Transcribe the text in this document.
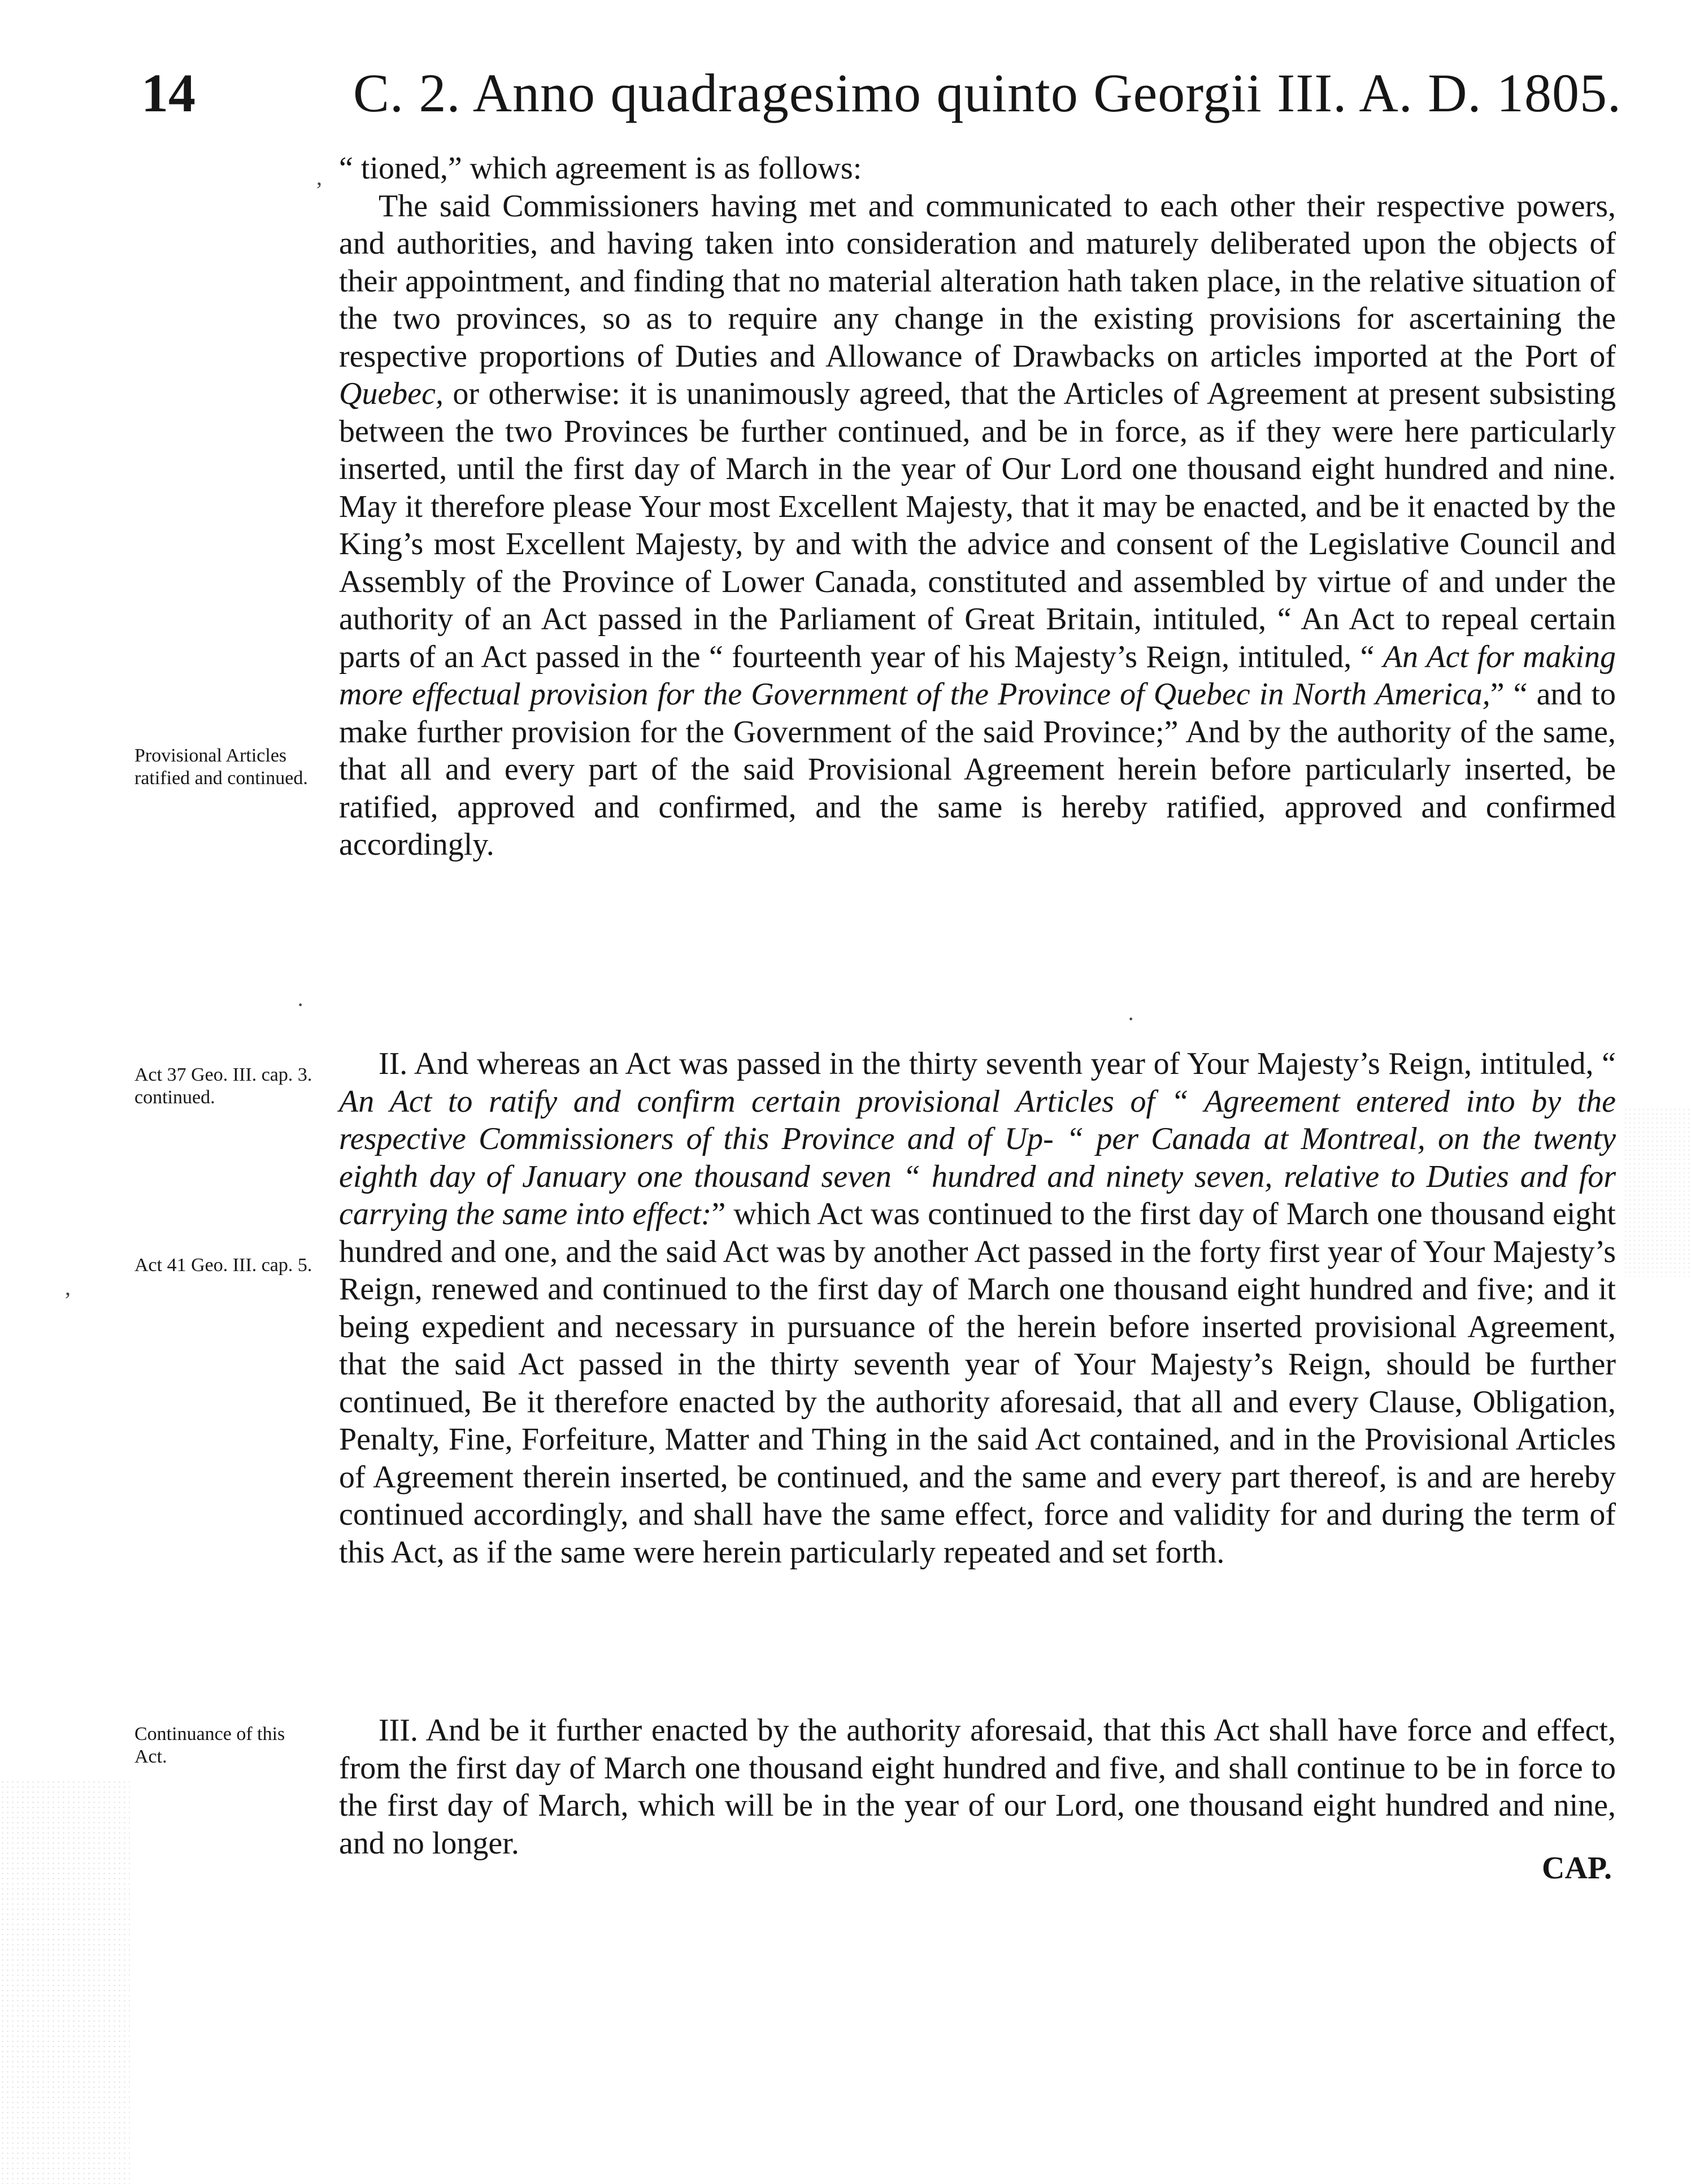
14	C. 2. Anno quadragesimo quinto Georgii III. A. D. 1805.
,
·
,
·

“ tioned,” which agreement is as follows:

The said Commissioners having met and communicated to each other their respective powers, and authorities, and having taken into consideration and maturely deliberated upon the objects of their appointment, and finding that no material alteration hath taken place, in the relative situation of the two provinces, so as to require any change in the existing provisions for ascertaining the respective proportions of Duties and Allowance of Drawbacks on articles imported at the Port of Quebec, or otherwise: it is unanimously agreed, that the Articles of Agreement at present subsisting between the two Provinces be further continued, and be in force, as if they were here particularly inserted, until the first day of March in the year of Our Lord one thousand eight hundred and nine. May it therefore please Your most Excellent Majesty, that it may be enacted, and be it enacted by the King’s most Excellent Majesty, by and with the advice and consent of the Legislative Council and Assembly of the Province of Lower Canada, constituted and assembled by virtue of and under the authority of an Act passed in the Parliament of Great Britain, intituled, “ An Act to repeal certain parts of an Act passed in the “ fourteenth year of his Majesty’s Reign, intituled, “ An Act for making more effectual provision for the Government of the Province of Quebec in North America,” “ and to make further provision for the Government of the said Province;” And by the authority of the same, that all and every part of the said Provisional Agreement herein before particularly inserted, be ratified, approved and confirmed, and the same is hereby ratified, approved and confirmed accordingly.

II. And whereas an Act was passed in the thirty seventh year of Your Majesty’s Reign, intituled, “ An Act to ratify and confirm certain provisional Articles of “ Agreement entered into by the respective Commissioners of this Province and of Up- “ per Canada at Montreal, on the twenty eighth day of January one thousand seven “ hundred and ninety seven, relative to Duties and for carrying the same into effect:” which Act was continued to the first day of March one thousand eight hundred and one, and the said Act was by another Act passed in the forty first year of Your Majesty’s Reign, renewed and continued to the first day of March one thousand eight hundred and five; and it being expedient and necessary in pursuance of the herein before inserted provisional Agreement, that the said Act passed in the thirty seventh year of Your Majesty’s Reign, should be further continued, Be it therefore enacted by the authority aforesaid, that all and every Clause, Obligation, Penalty, Fine, Forfeiture, Matter and Thing in the said Act contained, and in the Provisional Articles of Agreement therein inserted, be continued, and the same and every part thereof, is and are hereby continued accordingly, and shall have the same effect, force and validity for and during the term of this Act, as if the same were herein particularly repeated and set forth.

III. And be it further enacted by the authority aforesaid, that this Act shall have force and effect, from the first day of March one thousand eight hundred and five, and shall continue to be in force to the first day of March, which will be in the year of our Lord, one thousand eight hundred and nine, and no longer.

Provisional Articles ratified and continued.
Act 37 Geo. III. cap. 3. continued.
Act 41 Geo. III. cap. 5.
Continuance of this Act.
CAP.
